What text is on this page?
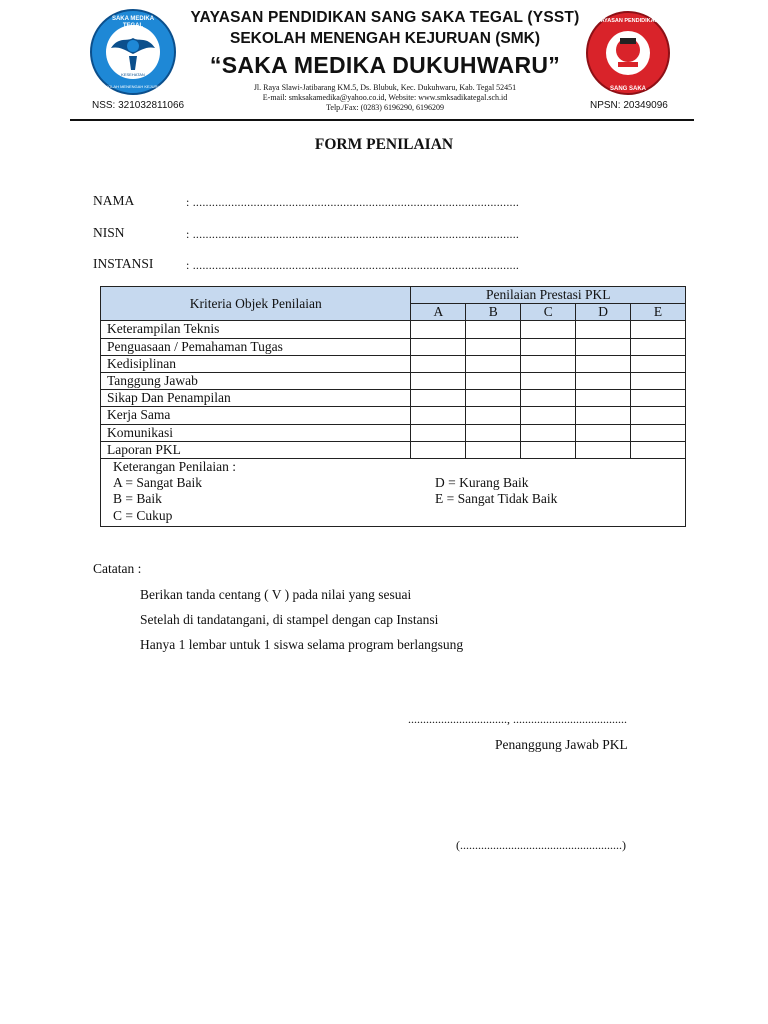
SAKA MEDIKA
TEGAL
KESEHATAN
SEKOLAH MENENGAH KEJURUAN
YAYASAN PENDIDIKAN
SANG SAKA
YAYASAN PENDIDIKAN SANG SAKA TEGAL (YSST)
SEKOLAH MENENGAH KEJURUAN (SMK)
“SAKA MEDIKA DUKUHWARU”
Jl. Raya Slawi-Jatibarang KM.5, Ds. Blubuk, Kec. Dukuhwaru, Kab. Tegal 52451
E-mail: smksakamedika@yahoo.co.id, Website: www.smksadikategal.sch.id
Telp./Fax: (0283) 6196290, 6196209
NSS: 321032811066	NPSN: 20349096
FORM PENILAIAN
NAMA	: ......................................................................................................
NISN	: ......................................................................................................
INSTANSI	: ......................................................................................................
Kriteria Objek Penilaian	Penilaian Prestasi PKL
A	B	C	D	E
Keterampilan Teknis					
Penguasaan / Pemahaman Tugas					
Kedisiplinan					
Tanggung Jawab					
Sikap Dan Penampilan					
Kerja Sama					
Komunikasi					
Laporan PKL					

Keterangan Penilaian :
A = Sangat Baik	D = Kurang Baik
B = Baik	E = Sangat Tidak Baik
C = Cukup	
Catatan :
Berikan tanda centang ( V ) pada nilai yang sesuai
Setelah di tandatangani, di stampel dengan cap Instansi
Hanya 1 lembar untuk 1 siswa selama program berlangsung
................................., ......................................
Penanggung Jawab PKL
(......................................................)
